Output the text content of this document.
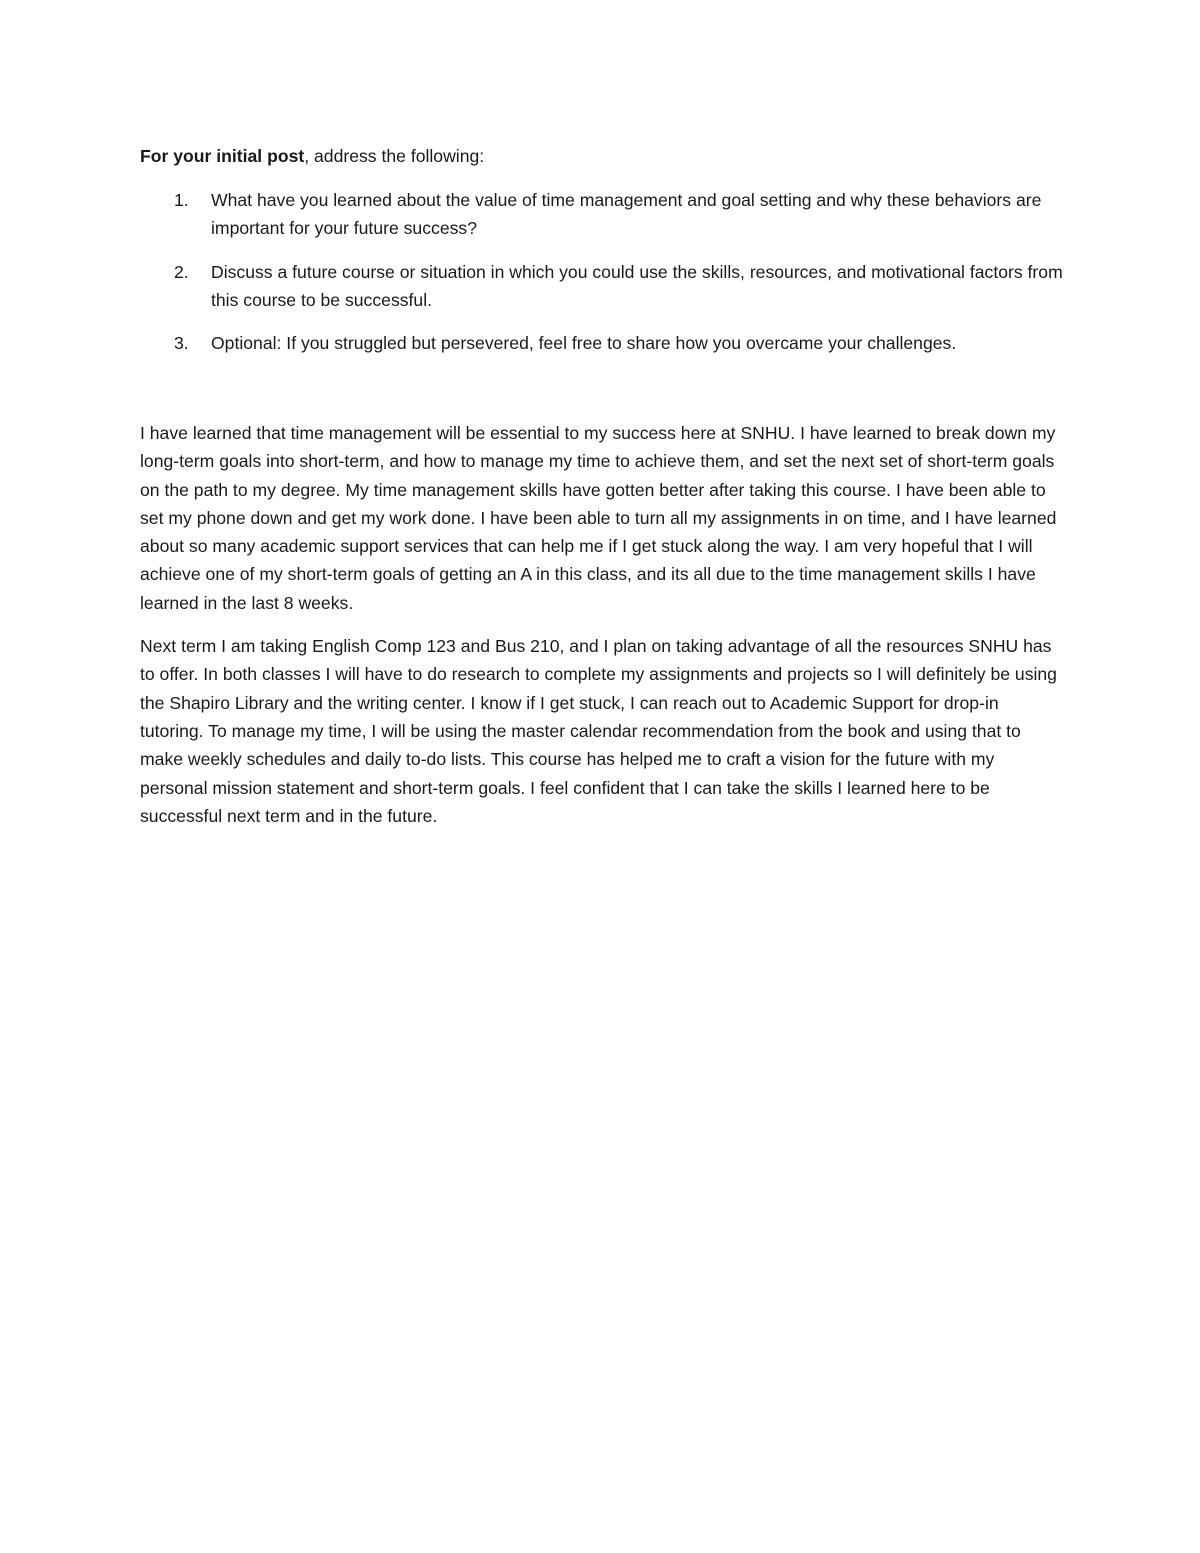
For your initial post, address the following:

1. What have you learned about the value of time management and goal setting and why these behaviors are important for your future success?
2. Discuss a future course or situation in which you could use the skills, resources, and motivational factors from this course to be successful.
3. Optional: If you struggled but persevered, feel free to share how you overcame your challenges.

I have learned that time management will be essential to my success here at SNHU. I have learned to break down my long-term goals into short-term, and how to manage my time to achieve them, and set the next set of short-term goals on the path to my degree. My time management skills have gotten better after taking this course. I have been able to set my phone down and get my work done. I have been able to turn all my assignments in on time, and I have learned about so many academic support services that can help me if I get stuck along the way. I am very hopeful that I will achieve one of my short-term goals of getting an A in this class, and its all due to the time management skills I have learned in the last 8 weeks.

Next term I am taking English Comp 123 and Bus 210, and I plan on taking advantage of all the resources SNHU has to offer. In both classes I will have to do research to complete my assignments and projects so I will definitely be using the Shapiro Library and the writing center. I know if I get stuck, I can reach out to Academic Support for drop-in tutoring. To manage my time, I will be using the master calendar recommendation from the book and using that to make weekly schedules and daily to-do lists. This course has helped me to craft a vision for the future with my personal mission statement and short-term goals. I feel confident that I can take the skills I learned here to be successful next term and in the future.
